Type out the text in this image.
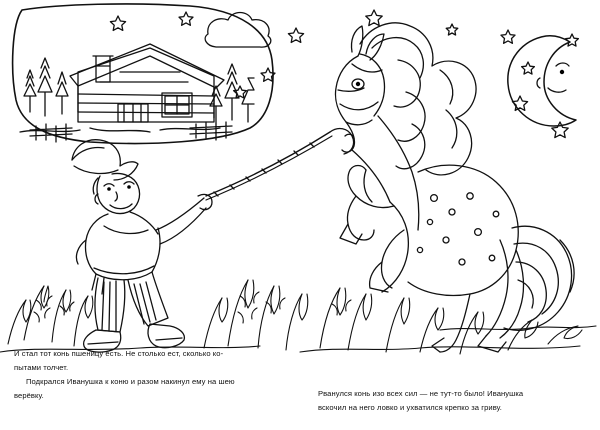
И стал тот конь пшеницу есть. Не столько ест, сколько ко-

пытами толчет.

Подкрался Иванушка к коню и разом накинул ему на шею

верёвку.	Рванулся конь изо всех сил — не тут-то было! Иванушка

вскочил на него ловко и ухватился крепко за гриву.
